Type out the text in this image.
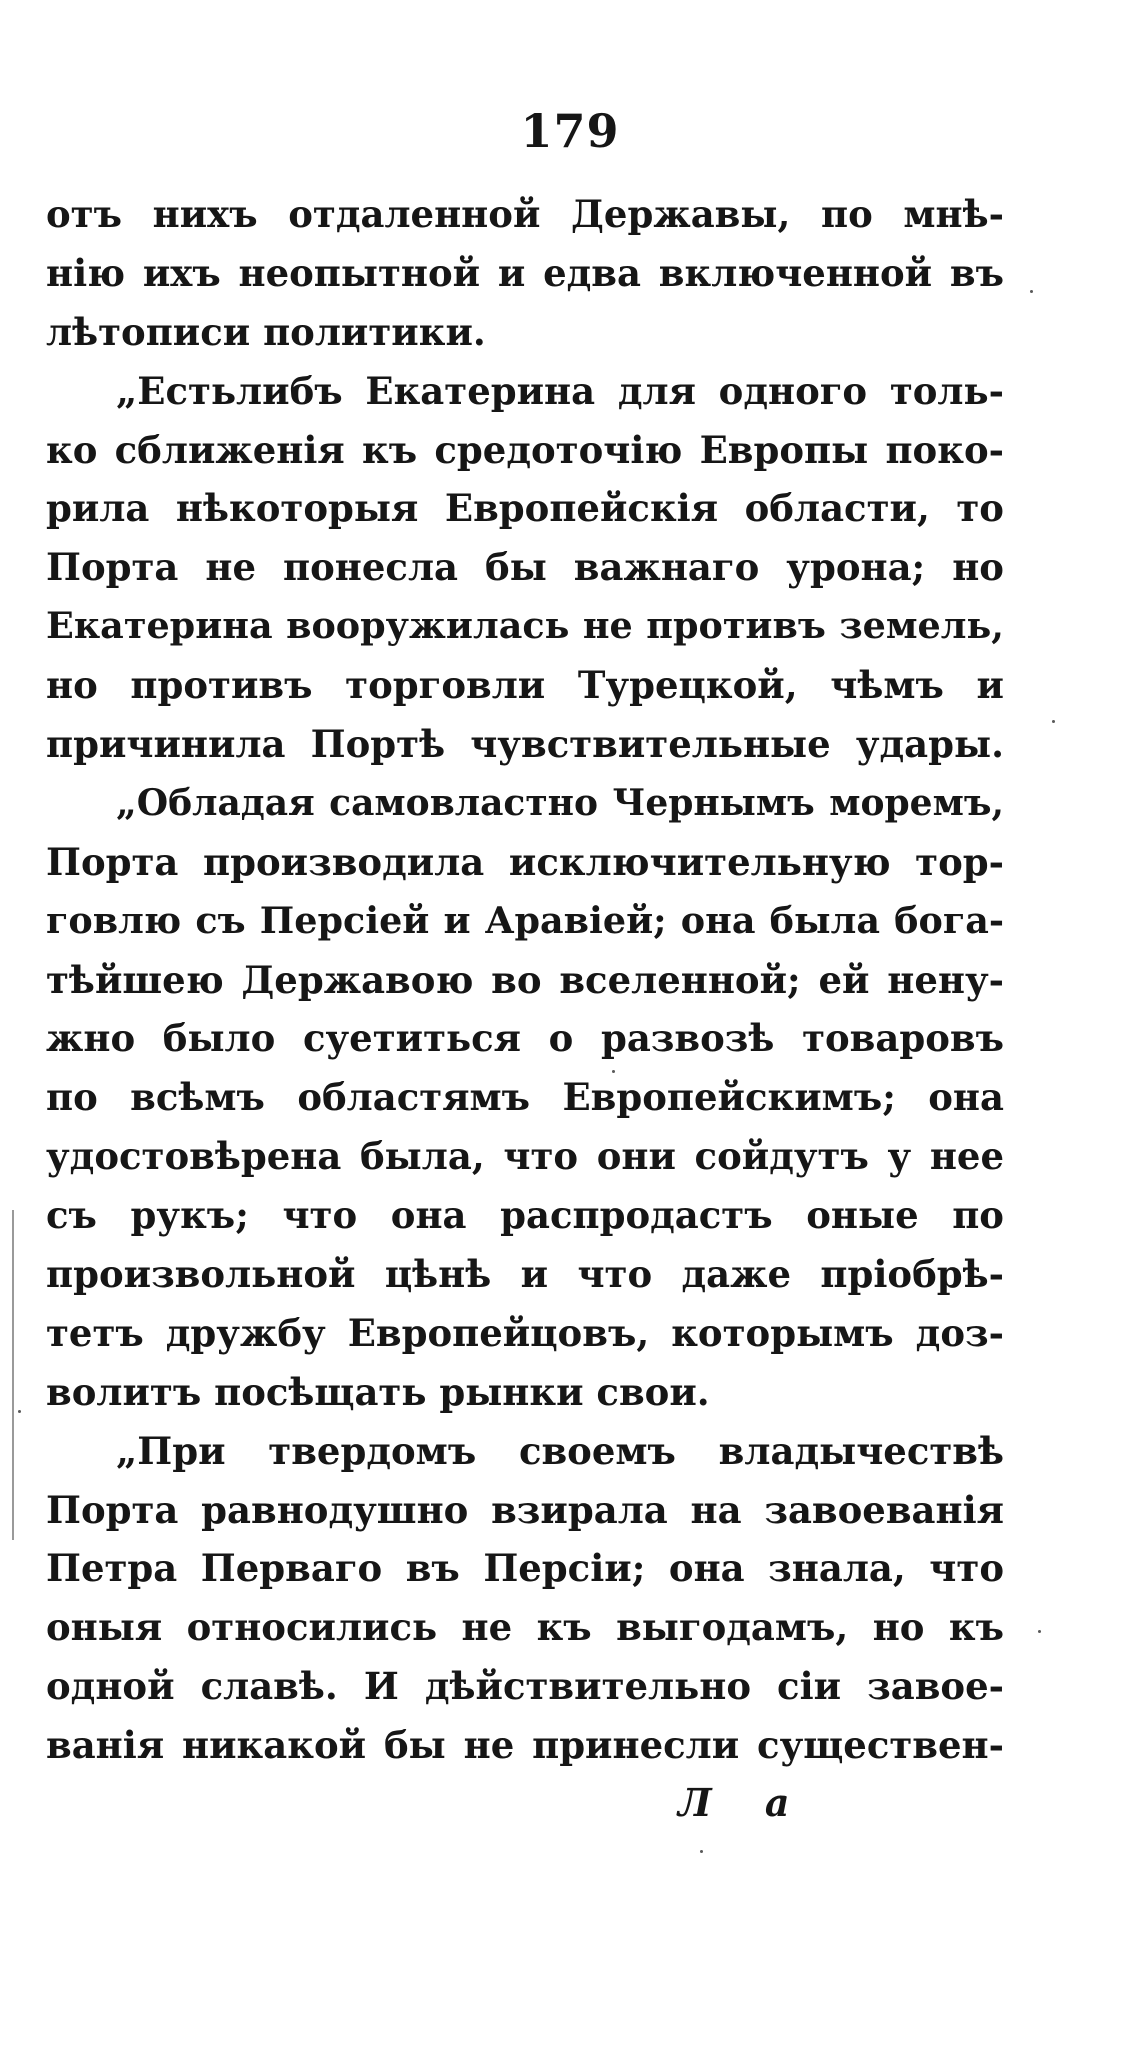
179
отъ нихъ отдаленной Державы, по мнѣ-
нію ихъ неопытной и едва включенной въ
лѣтописи политики.
„Естьлибъ Екатерина для одного толь-
ко сближенія къ средоточію Европы поко-
рила нѣкоторыя Европейскія области, то
Порта не понесла бы важнаго урона; но
Екатерина вооружилась не противъ земель,
но противъ торговли Турецкой, чѣмъ и
причинила Портѣ чувствительные удары.
„Обладая самовластно Чернымъ моремъ,
Порта производила исключительную тор-
говлю съ Персіей и Аравіей; она была бога-
тѣйшею Державою во вселенной; ей нену-
жно было суетиться о развозѣ товаровъ
по всѣмъ областямъ Европейскимъ; она
удостовѣрена была, что они сойдутъ у нее
съ рукъ; что она распродастъ оные по
произвольной цѣнѣ и что даже пріобрѣ-
тетъ дружбу Европейцовъ, которымъ доз-
волитъ посѣщать рынки свои.
„При твердомъ своемъ владычествѣ
Порта равнодушно взирала на завоеванія
Петра Перваго въ Персіи; она знала, что
оныя относились не къ выгодамъ, но къ
одной славѣ. И дѣйствительно сіи завое-
ванія никакой бы не принесли существен-
Л а
